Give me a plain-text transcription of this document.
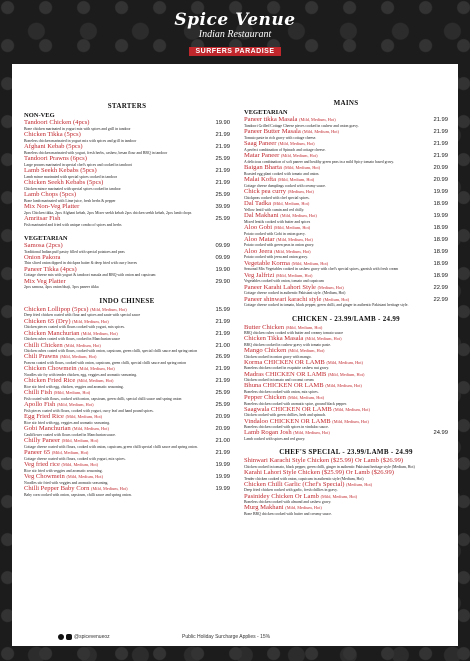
Spice Venue
Indian Restaurant
SURFERS PARADISE
STARTERS
NON-VEG
Tandoori Chicken (4pcs)	19.90
Bone chicken marinated in yogurt mix with spices and grill in tandoor
Chicken Tikka (5pcs)	21.99
Boneless chicken marinated in yogurt mix with spices and grill in tandoor
Afghani Kebab (5pcs)	21.99
Boneless chicken marinated with yogurt, fresh herbs, cashew, besan flour and BBQ in tandoor
Tandoori Prawns (6pcs)	25.99
Large prawns marinated in special chef's spices and cooked in tandoori
Lamb Seekh Kebabs (5pcs)	21.99
Lamb mince marinated with special spices cooked in tandoor
Chicken Seekh Kebabs (5pcs)	21.99
Chicken mince marinated with special spices cooked in tandoor
Lamb Chops (5pcs)	25.99
Bone lamb marinated with Lime juice, fresh herbs & pepper
Mix Non-Veg Platter	39.99
2pcs Chicken tikka, 2pcs Afghani kebab, 2pcs Mixer seekh kebab 2pcs chicken seekh kebab, 2pcs lamb chops
Amritsar Fish	25.99
Fish marinated and fried with unique combo of spices and herbs
VEGETARIAN
Samosa (2pcs)	09.99
Traditional Indian puff pastry filled with special potatoes and peas
Onion Pakora	09.99
Thin sliced onion dipped in chickpea batter & deep fried with curry leaves
Paneer Tikka (4pcs)	19.90
Cottage cheese mix with yogurt & tandoori masala and BBQ with onion and capsicum
Mix Veg Platter	29.90
2pcs samosa, 4pcs onion bhaji, 3pcs paneer tikka
INDO CHINESE
Chicken Lollipop (5pcs) (Mild, Medium, Hot)	15.99
Deep fried chicken coated with flour and spices and saute with special sauce
Chicken 65 (Dry) (Mild, Medium, Hot)	21.99
Chicken pieces coated with flours cooked with yogurt, mix spices.
Chicken Manchurian (Mild, Medium, Hot)	21.99
Chicken cubes coated with flours, cooked in Manchurian sauce
Chilli Chicken (Mild, Medium, Hot)	21.00
Chicken cubes coated with flours, cooked with onion, capsicum, green chilli, special chilli sauce and spring onion
Chili Prawns (Mild, Medium, Hot)	26.99
Prawns coated with flours, cooked with onion, capsicum, green chilli, special chilli sauce and spring onion
Chicken Chowmein (Mild, Medium, Hot)	21.99
Noodles stir fry with tender chicken, egg, veggies and aromatic seasoning.
Chicken Fried Rice (Mild, Medium, Hot)	21.99
Rice stir fried with egg, chicken, veggies and aromatic seasoning.
Chilli Fish (Mild, Medium, Hot)	25.99
Fish coated with flours, cooked with onion, capsicum, green chilli, special chilli sauce and spring onion
Apollo Fish (Mild, Medium, Hot)	25.99
Fish pieces coated with flours, cooked with yogurt, curry leaf and hand pound spices.
Egg Fried Rice (Mild, Medium, Hot)	20.99
Rice stir fried with egg, veggies and aromatic seasoning.
Gobi Manchurian (Mild, Medium, Hot)	20.99
Cauliflower coated with flours cooked in Manchurian sauce.
Chilly Paneer (Mild, Medium, Hot)	21.00
Cottage cheese coated with flours, cooked with onion, capsicum, green chilli special chilli sauce and spring onion.
Paneer 65 (Mild, Medium, Hot)	21.99
Cottage cheese coated with flours, cooked with yogurt, mix spices.
Veg fried rice (Mild, Medium, Hot)	19.99
Rice stir fried with veggies and aromatic seasoning.
Veg Chowmein (Mild, Medium, Hot)	19.99
Noodles stir fried with veggies and aromatic seasoning.
Chilli Pepper Baby Corn (Mild, Medium, Hot)	19.99
Baby corn cooked with onion, capsicum, chilli sauce and spring onion.
MAINS
VEGETARIAN
Paneer tikka Masala (Mild, Medium, Hot)	21.99
Tandoori Grilled Cottage Cheese pieces cooked in cashew and onion gravy.
Paneer Butter Masala (Mild, Medium, Hot)	21.99
Tomato paste in rich gravy with cottage cheese.
Saag Paneer (Mild, Medium, Hot)	21.99
A perfect combination of Spinach and cottage cheese.
Matar Paneer (Mild, Medium, Hot)	21.99
A delicious combination of soft paneer and healthy green peas in a mild Spicy tomato based gravy.
Baigan Bharta (Mild, Medium, Hot)	20.99
Roasted egg plant cooked with tomato and onion.
Malai Kofta (Mild, Medium, Hot)	20.99
Cottage cheese dumplings cooked with creamy sauce.
Chick pea curry (Medium, Hot)	19.99
Chickpeas cooked with chef special spices.
Dal Tadka (Mild, Medium, Hot)	18.99
Yellow lentil with cumin and red chilly.
Dal Makhani (Mild, Medium, Hot)	19.99
Mixed lentils cooked with butter and spices
Aloo Gobi (Mild, Medium, Hot)	18.99
Potato cooked with Gobi in onion gravy.
Aloo Matar (Mild, Medium, Hot)	18.99
Potato cooked with green peas in onion gravy.
Aloo Jeera (Mild, Medium, Hot)	18.99
Potato cooked with jeera and onion gravy.
Vegetable Korma (Mild, Medium, Hot)	18.99
Seasonal Mix Vegetables cooked in cashew gravy with chef's special spices, garnish with fresh cream
Veg Jalfrizi (Mild, Medium, Hot)	18.99
Vegetables cooked with onion, tomato and capsicum
Paneer Karahi Lahori Style (Medium, Hot)	22.99
Cottage cheese cooked in authentic Pakistani style. (Medium, Hot)
Paneer shinwari karachi style (Medium, Hot)	22.99
Cottage cheese cooked in tomato, black pepper, green chilli, and ginger in authentic Pakistani heritage style.
CHICKEN - 23.99/LAMB - 24.99
Butter Chicken (Mild, Medium, Hot)
BBQ chicken cubes cooked with butter and creamy tomato sauce
Chicken Tikka Masala (Mild, Medium, Hot)
BBQ chicken cooked in cashew gravy with tomato paste.
Mango Chicken (Mild, Medium, Hot)
Chicken cooked in onion gravy with mango.
Korma CHICKEN OR LAMB (Mild, Medium, Hot)
Boneless chicken cooked in exquisite cashew nut gravy.
Madras CHICKEN OR LAMB (Mild, Medium, Hot)
Chicken cooked in tomato and coconut cream
Bhuna CHICKEN OR LAMB (Mild, Medium, Hot)
Boneless chicken cooked with onion, mix spices.
Pepper Chicken (Mild, Medium, Hot)
Boneless chicken cooked with aromatic spice, ground black pepper.
Saagwala CHICKEN OR LAMB (Mild, Medium, Hot)
Chicken cooked with green chillies, herb and spinach.
Vindaloo CHICKEN OR LAMB (Mild, Medium, Hot)
Boneless chicken cooked with spices in vindaloo sauce.
Lamb Rogan Josh (Mild, Medium, Hot)	24.99
Lamb cooked with spices and red gravy.
CHEF'S SPECIAL - 23.99/LAMB - 24.99
Shinwari Karachi Style Chicken ($25.99) Or Lamb ($26.99)
Chicken cooked in tomato, black pepper, green chilli, ginger in authentic Pakistani heritage style (Medium, Hot)
Karahi Lahori Style Chicken ($25.99) Or Lamb ($26.99)
Tender chicken cooked with onion, capsicum in authentic style (Medium, Hot)
Chicken Chilli Garlic (Chef's Special) (Medium, Hot)
Deep fried chicken cooked with garlic, fresh chillies in gravy.
Pasinidey Chicken Or Lamb (Mild, Medium, Hot)
Boneless chicken cooked with almond and cashew gravy.
Murg Makhani (Mild, Medium, Hot)
Bone BBQ chicken cooked with butter and creamy sauce.
@spicevenueoz	Public Holiday Surcharge Applies - 15%
